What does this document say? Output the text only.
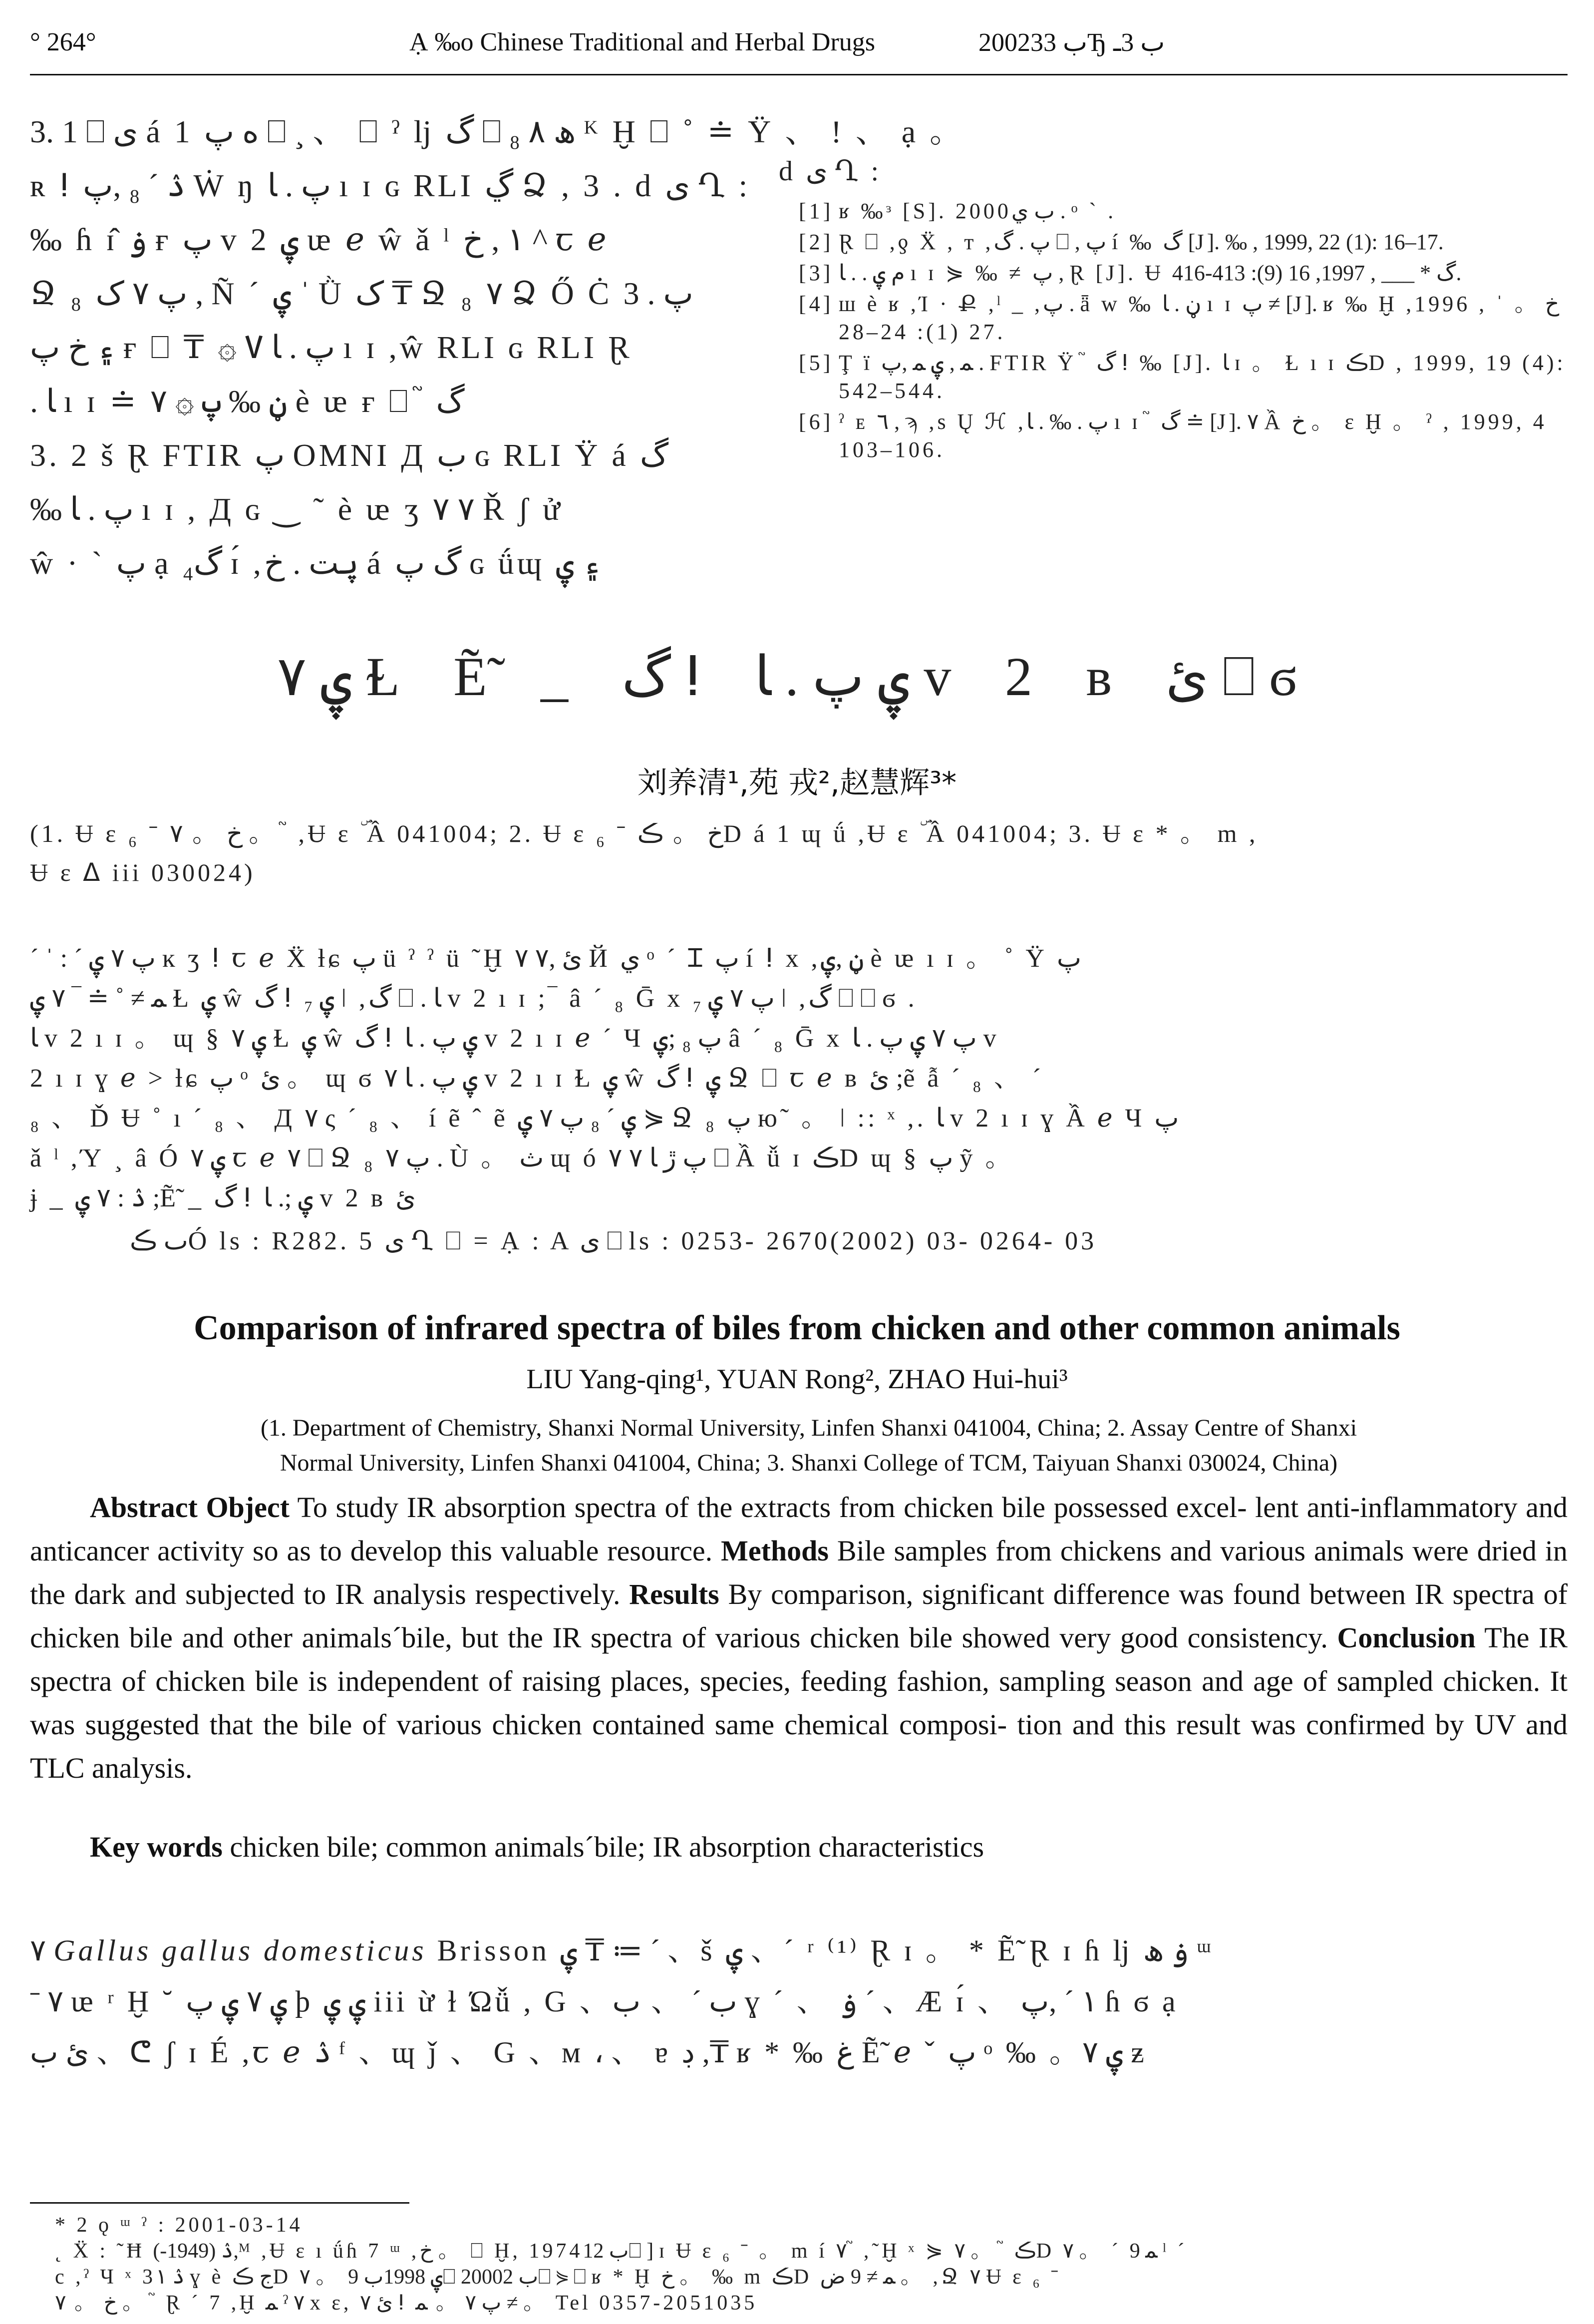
° 264°	Ạ ‰o Chinese Traditional and Herbal Drugs	2002ب 33Ђ ب 3ـ
3. 1 ⎕ ى á 1 ه پ ⎕ ¸ 、 ⎕ ˀ ǉ گ ⎕ ₈ ۸ ھ ᴷ Ḫ ⎕ ˚ ≐ Ÿ 、 ! 、 ạ 。
ʀ ⵑ ۮ ˊ ₈ ,پ Ẇ ŋ پ . ﺎ ı ɪ ɢ RLI ڲ Ձ , 3 . d ى Ղ :
‰ ɦ ɪ̂ ۏ ғ پ v 2 ۑ ᵫ ℯ ŵ ǎ ˡ ١ , خ ^ ꞇ ℯ
Ջ ₈ پ ۷ ک , Ñ ˊ ۑ ˈ Ǜ ک ₸ Ջ ₈ ۷ Ձ Ő Ċ پ . 3
۽ خ پ ғ ⎕ ₸ ۞ ۷ پ . ﺎ ı ɪ ,ŵ RLI ɢ RLI Ɽ
. ﺎ ı ɪ ≐ ڼ ‰ پ ۞ ۷ è ᵫ ғ ⎕ ֮ گ
3. 2 š Ɽ FTIR پ OMNI Д ب ɢ RLI Ÿ á گ
‰ پ . ﺎ ı ɪ , Д ɢ ‿ ˜ è ᵫ ʒ ۷ ۷ Ř ʃ ử
ŵ · ˋ پ ạ گ₄ ɪ́ ,ۑت . خ á گ پ ɢ ǘɰ ۽ ۑ
d ى Ղ :
[1] ʁ ‰ᶟ [S]. 2000ب ي . ᵒ ˋ .
[2] Ɽ ⎕ ,ƍ Ẍ , ᴛ ,پ . گ ⎕ , پ í ‰ گ [J]. ‰ , 1999, 22 (1): 16–17.
[3] م ۑ . . ﺎ ı ɪ ⋟ ‰ ≠ پ , Ɽ [J]. Ʉ گ * ___ , 1997, 16 (9): 413-416.
[4] ш è ʁ ,Ί · Ք ,ˡ _ ,پ . ǟ w ‰ ڼ . ﺎ ı ɪ پ ≠ [J]. ʁ ‰ Ḫ خ 。 ˈ , 1996, 27 (1): 24–28.
[5] Ţ ï ﻤ , ۑ ﻤ ,پ . FTIR Ÿ ֮ گ ⵑ ‰ [J]. ﺎ ɪ 。 Ɫ ı ɪ ڪD , 1999, 19 (4): 542–544.
[6] ˀ ᴇ ٦ , ϡ ,s Ų ℋ ,پ . ‰ . ﺎ ı ɪ ֮ گ ≐ [J]. ۷ Ầ خ 。 ɛ Ḫ 。 ˀ , 1999, 4 103–106.
۷ ۑ Ɫ Ẽ̃ _ گ ⵑ ۑ پ . ﺎ v 2 ʙ ئ ⎕ ϭ
刘养清¹,苑 戎²,赵慧辉³*
(1. Ʉ ɛ ₆ ˉ خ 。 ۷ 。 ֮ ,Ʉ ɛ ۜ Ầ 041004; 2. Ʉ ɛ ₆ ˉ خ 。 ڪD á 1 ɰ ǘ ,Ʉ ɛ ۜ Ầ 041004; 3. Ʉ ɛ * 。 m ,
Ʉ ɛ ᐃ iii 030024)
ˊ ˈ : ˊ پ ۷ ۑ ĸ ʒ ⵑ ꞇ ℯ Ẍ ƚɕ پ ü ˀ ˀ ü ˜Ḫ ۷ ئ ,۷ Й ي ᵒ ˊ Ɪ پ í ⵑ x ,ڼ ,ۑ è ᵫ ı ɪ 。 ˚ Ÿ پ
ﻤ ≠ ˚ ≐ ‾ ۷ ۑ Ɫ ۑ ŵ گ ⵑ ۑ ₇ ǀ ,گ ⎕ . ﺎ v 2 ı ɪ ;‾ â ˊ ₈ Ḡ x پ ۷ ۑ ₇ ǀ ,گ ⎕ ⎕ ϭ .
ﺎ v 2 ı ɪ 。 ɰ § ۷ ۑ Ɫ ۑ ŵ گ ⵑ ۑ پ . ﺎ v 2 ı ɪ ℯ ˊ Ч پ ₈ ;ۑ â ˊ ₈ Ḡ x پ ۷ ۑ پ . ﺎ v
2 ı ɪ ɣ ℯ > ƚɕ پ ᵒ ئ 。 ɰ ϭ ۷ ۑ پ . ﺎ v 2 ı ɪ Ɫ ۑ ŵ گ ⵑ ۑ Ջ ⎕ ꞇ ℯ ʙ ئ ;ẽ ẫ ˊ ₈ 、 ˊ
₈ 、 Ď Ʉ ˚ ı ˊ ₈ 、 Д ۷ ς ˊ ₈ 、 í ẽ ˆ ẽ ۑ ˊ ₈ پ ۷ ۑ ⋟ Ջ ₈ پ ю˜ 。 ǀ :: ˣ ,. ﺎ v 2 ı ɪ ɣ Ầ ℯ Ч پ
ǎ ˡ ,Ύ ¸ â Ó ۷ ۑ ꞇ ℯ ۷ ⎕ Ջ ₈ پ ۷ . Ù 。 ث ɰ ó ۷ پ ڙ ﺎ ۷ ⎕ Ầ ǚ ɪ ڪD ɰ § پ ỹ 。
ɉ _ ۮ : ۷ ۑ ;Ẽ̃ _ گ ⵑ ۑ ;. ﺎ v 2 ʙ ئ
ٮ ڪÓ ls : R282. 5 ى Ղ ⎕ = Ạ : A ى ⎕ ls : 0253- 2670(2002) 03- 0264- 03
Comparison of infrared spectra of biles from chicken and other common animals
LIU Yang-qing¹, YUAN Rong², ZHAO Hui-hui³
(1. Department of Chemistry, Shanxi Normal University, Linfen Shanxi 041004, China; 2. Assay Centre of Shanxi
Normal University, Linfen Shanxi 041004, China; 3. Shanxi College of TCM, Taiyuan Shanxi 030024, China)
Abstract Object To study IR absorption spectra of the extracts from chicken bile possessed excel- lent anti-inflammatory and anticancer activity so as to develop this valuable resource. Methods Bile samples from chickens and various animals were dried in the dark and subjected to IR analysis respectively. Results By comparison, significant difference was found between IR spectra of chicken bile and other animals´bile, but the IR spectra of various chicken bile showed very good consistency. Conclusion The IR spectra of chicken bile is independent of raising places, species, feeding fashion, sampling season and age of sampled chicken. It was suggested that the bile of various chicken contained same chemical composi- tion and this result was confirmed by UV and TLC analysis.
Key words chicken bile; common animals´bile; IR absorption characteristics
۷ Gallus gallus domesticus Brisson ۑ ₸ ≔ ˊ 、š ۑ 、ˊ ʳ ⁽¹⁾ Ɽ ɪ 。 * Ẽ̃ Ɽ ɪ ɦ ǉ ۏ ھ ᵚ
ˉ ۷ ᵫ ʳ Ḫ ˘ ۑ ۷ ۑ پ þ ۑ ۑ iii ừ ɫ Ώǚ , G 、ب ˊ 、 ب ɣ ˊ 、 ۏ ˊ 、Æ ɪ́ 、 ١ ˊ ,پ ɦ ϭ ạ
ئ ب 、ᕦ ʃ ɪ É ,ꞇ ℯ ۮ ᶠ 、ɰ ǰ 、 G 、ᴍ ، 、 ɐ ڊ ,₸ ʁ * ‰ غ Ẽ̃ ℯ ˇ پ ᵒ ‰ 。۷ ۑ ƶ
* 2 ǫ ᵚ ˀ : 2001-03-14
˛ Ẍ : ˜Ħ ۮ (1949-),ᴹ ,Ʉ ɛ ı ǘɦ 7 ᵚ ,خ 。 ⎕ Ḫ, 1974ب 12⎕ ] ɪ Ʉ ɛ ₆ ˉ 。 m í ۷ ֮ ,˜Ḫ ˣ ⋟ ۷ 。 ֮ ڪD ۷ 。 ˊ ﻤ 9 ˡ ˊ
c ,ˀ Ч ˣ 3ۮ ١ ɣ è ج ڪD ۷ 。 ۑ 1998ب 9⎕ 2000ب 2⎕ ⋟ ⎕ ʁ * Ḫ خ 。 ‰ m ڪD ﻤ ≠ 9 ض 。 ,Ջ ۷ Ʉ ɛ ₆ ˉ
خ 。 ۷ 。 ֮ Ɽ ˊ 7 ,Ḫ ﻤ ˀ ۷ x ɛ, ۷ ئ ⵑ پ ۷ 。 ﻤ ≠ 。 Tel 0357-2051035
